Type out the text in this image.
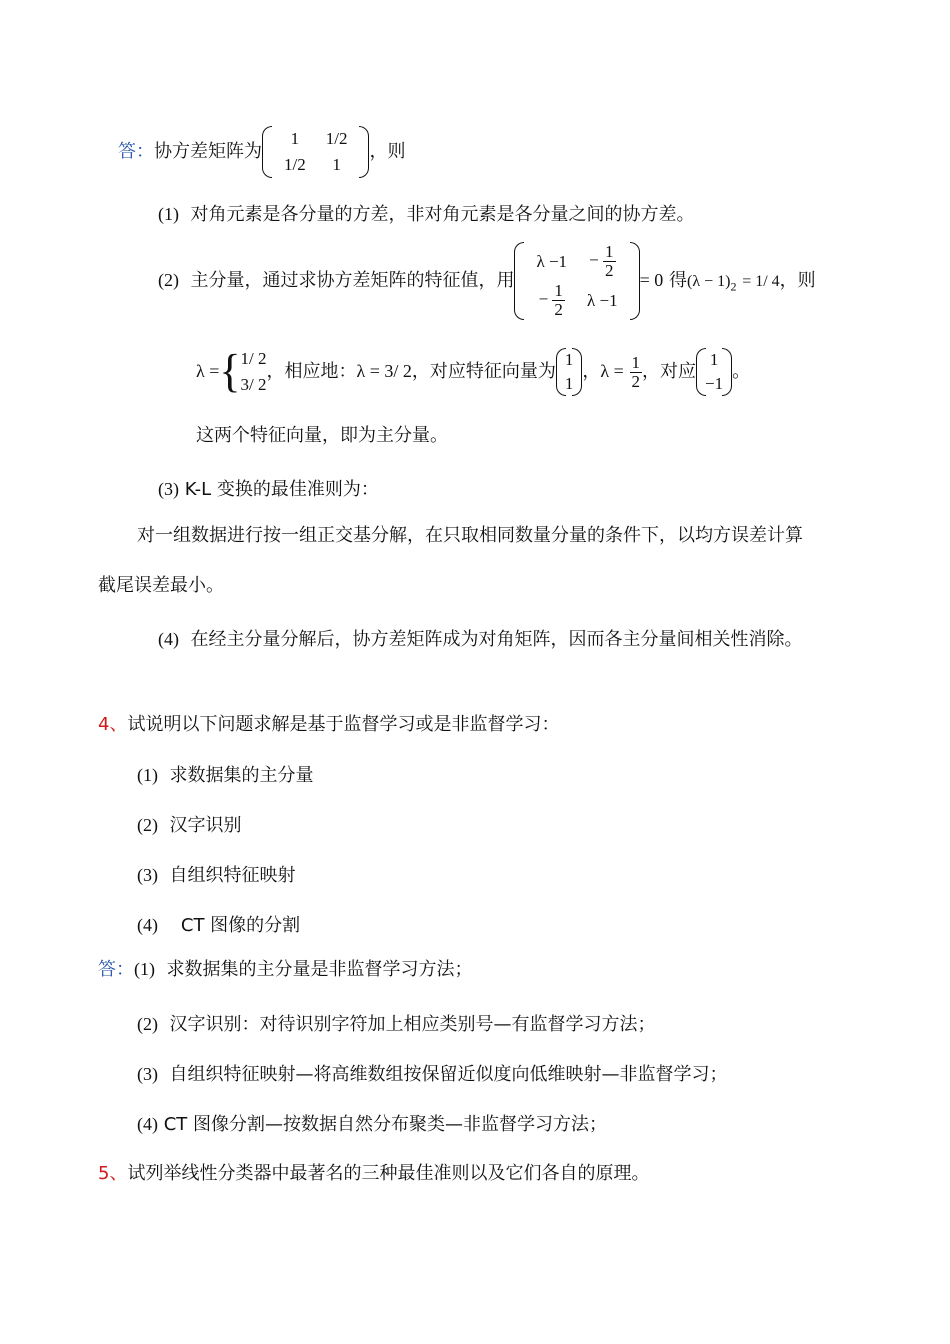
答：协方差矩阵为
1	1/2
1/2	1
，则
(1) 对角元素是各分量的方差，非对角元素是各分量之间的协方差。
(2) 主分量，通过求协方差矩阵的特征值，用
λ −1	− $\frac{1}{2}$

− $\frac{1}{2}$	λ −1
= 0 得$(\lambda - 1)_2 = 1/$ 4，则
λ ={ 1/ 2
3/ 2
，相应地：λ = 3/ 2，对应特征向量为
1
1
，$\lambda = \frac{1}{2}$ ，对应
1
−1
。
这两个特征向量，即为主分量。
(3) K-L 变换的最佳准则为：
对一组数据进行按一组正交基分解，在只取相同数量分量的条件下，以均方误差计算
截尾误差最小。
(4) 在经主分量分解后，协方差矩阵成为对角矩阵，因而各主分量间相关性消除。
4、试说明以下问题求解是基于监督学习或是非监督学习：
(1) 求数据集的主分量
(2) 汉字识别
(3) 自组织特征映射
(4) CT 图像的分割
答：(1) 求数据集的主分量是非监督学习方法；
(2) 汉字识别：对待识别字符加上相应类别号—有监督学习方法；
(3) 自组织特征映射—将高维数组按保留近似度向低维映射—非监督学习；
(4) CT 图像分割—按数据自然分布聚类—非监督学习方法；
5、试列举线性分类器中最著名的三种最佳准则以及它们各自的原理。
